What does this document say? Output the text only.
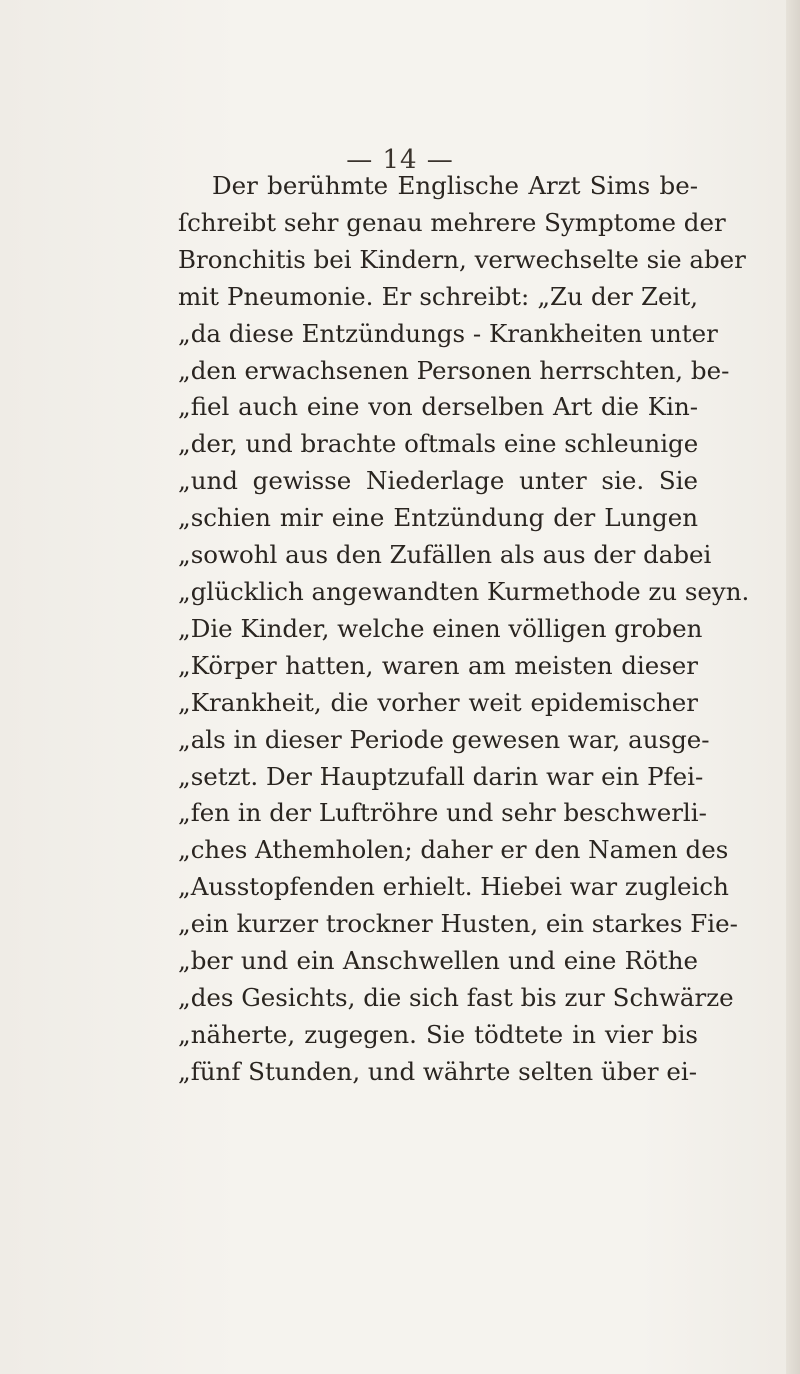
— 14 —
Der berühmte Englische Arzt Sims be-
ſchreibt sehr genau mehrere Symptome der
Bronchitis bei Kindern, verwechselte sie aber
mit Pneumonie. Er schreibt: „Zu der Zeit,
„da diese Entzündungs - Krankheiten unter
„den erwachsenen Personen herrschten, be-
„fiel auch eine von derselben Art die Kin-
„der, und brachte oftmals eine schleunige
„und gewisse Niederlage unter sie. Sie
„schien mir eine Entzündung der Lungen
„sowohl aus den Zufällen als aus der dabei
„glücklich angewandten Kurmethode zu seyn.
„Die Kinder, welche einen völligen groben
„Körper hatten, waren am meisten dieser
„Krankheit, die vorher weit epidemischer
„als in dieser Periode gewesen war, ausge-
„setzt. Der Hauptzufall darin war ein Pfei-
„fen in der Luftröhre und sehr beschwerli-
„ches Athemholen; daher er den Namen des
„Ausstopfenden erhielt. Hiebei war zugleich
„ein kurzer trockner Husten, ein starkes Fie-
„ber und ein Anschwellen und eine Röthe
„des Gesichts, die sich fast bis zur Schwärze
„näherte, zugegen. Sie tödtete in vier bis
„fünf Stunden, und währte selten über ei-
